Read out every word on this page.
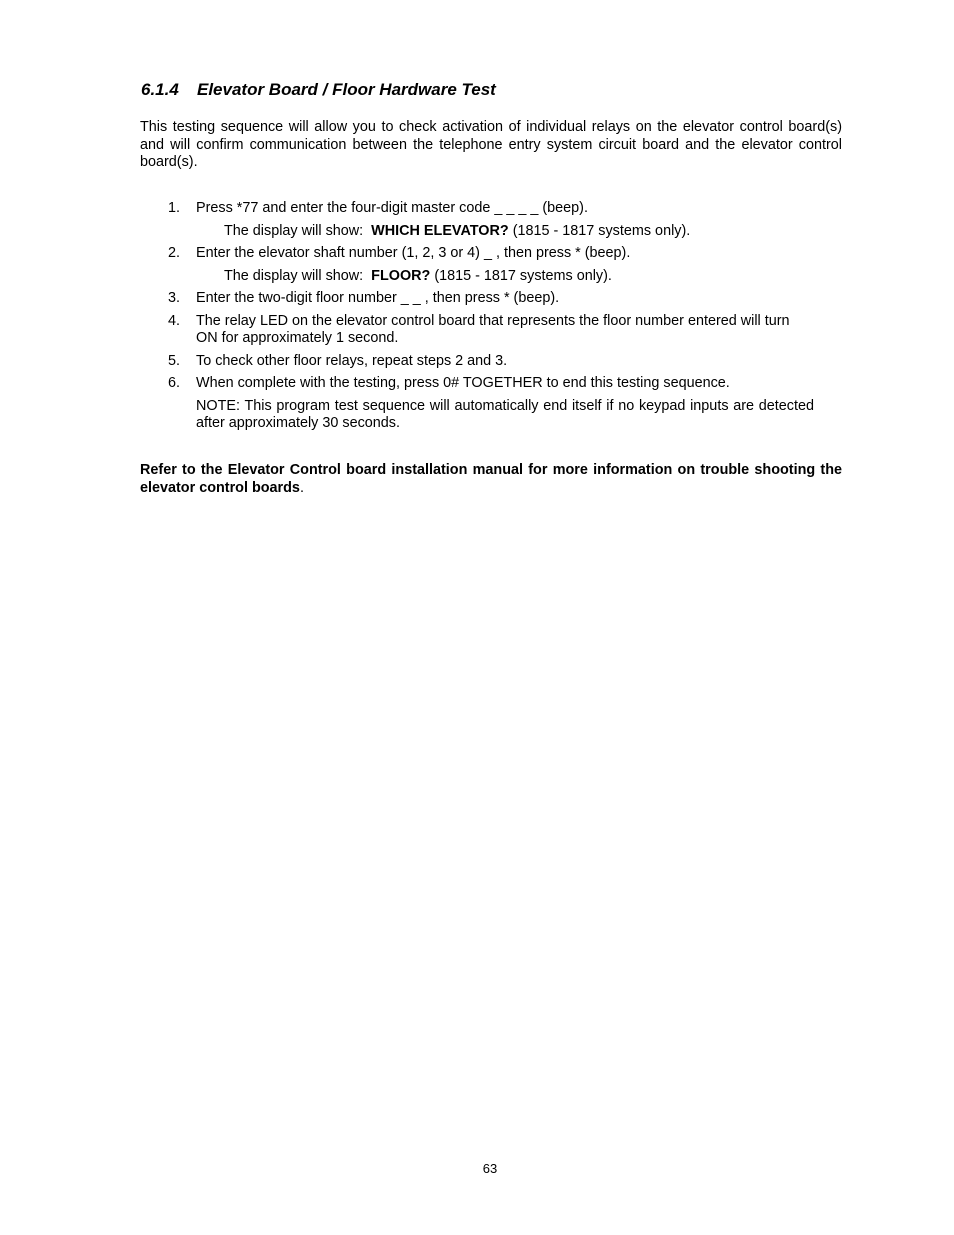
6.1.4 Elevator Board / Floor Hardware Test

This testing sequence will allow you to check activation of individual relays on the elevator control board(s) and will confirm communication between the telephone entry system circuit board and the elevator control board(s).

1. Press *77 and enter the four-digit master code _ _ _ _ (beep).
The display will show: WHICH ELEVATOR? (1815 - 1817 systems only).
2. Enter the elevator shaft number (1, 2, 3 or 4) _ , then press * (beep).
The display will show: FLOOR? (1815 - 1817 systems only).
3. Enter the two-digit floor number _ _ , then press * (beep).
4. The relay LED on the elevator control board that represents the floor number entered will turn ON for approximately 1 second.
5. To check other floor relays, repeat steps 2 and 3.
6. When complete with the testing, press 0# TOGETHER to end this testing sequence.
NOTE: This program test sequence will automatically end itself if no keypad inputs are detected after approximately 30 seconds.

Refer to the Elevator Control board installation manual for more information on trouble shooting the elevator control boards.

63
